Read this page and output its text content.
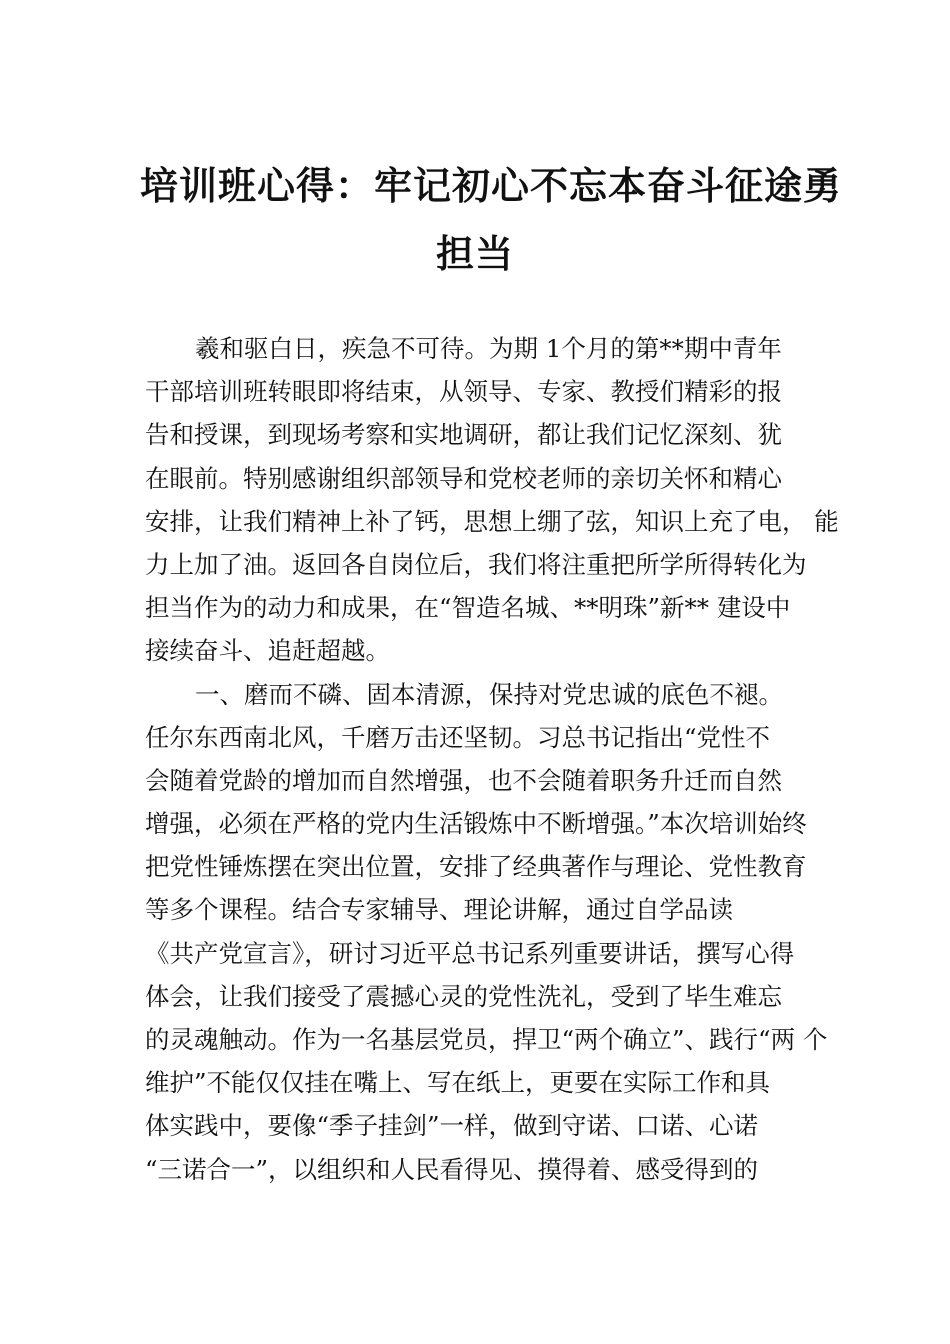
培训班心得：牢记初心不忘本奋斗征途勇
担当
羲和驱白日，疾急不可待。为期 1个月的第**期中青年
干部培训班转眼即将结束，从领导、专家、教授们精彩的报
告和授课，到现场考察和实地调研，都让我们记忆深刻、犹
在眼前。特别感谢组织部领导和党校老师的亲切关怀和精心
安排，让我们精神上补了钙，思想上绷了弦，知识上充了电， 能
力上加了油。返回各自岗位后，我们将注重把所学所得转化为
担当作为的动力和成果，在“智造名城、**明珠”新** 建设中
接续奋斗、追赶超越。
一、磨而不磷、固本清源，保持对党忠诚的底色不褪。
任尔东西南北风，千磨万击还坚韧。习总书记指出“党性不
会随着党龄的增加而自然增强，也不会随着职务升迁而自然
增强，必须在严格的党内生活锻炼中不断增强。”本次培训始终
把党性锤炼摆在突出位置，安排了经典著作与理论、党性教育
等多个课程。结合专家辅导、理论讲解，通过自学品读
《共产党宣言》，研讨习近平总书记系列重要讲话，撰写心得
体会，让我们接受了震撼心灵的党性洗礼，受到了毕生难忘
的灵魂触动。作为一名基层党员，捍卫“两个确立”、践行“两 个
维护”不能仅仅挂在嘴上、写在纸上，更要在实际工作和具
体实践中，要像“季子挂剑”一样，做到守诺、口诺、心诺
“三诺合一”，以组织和人民看得见、摸得着、感受得到的
